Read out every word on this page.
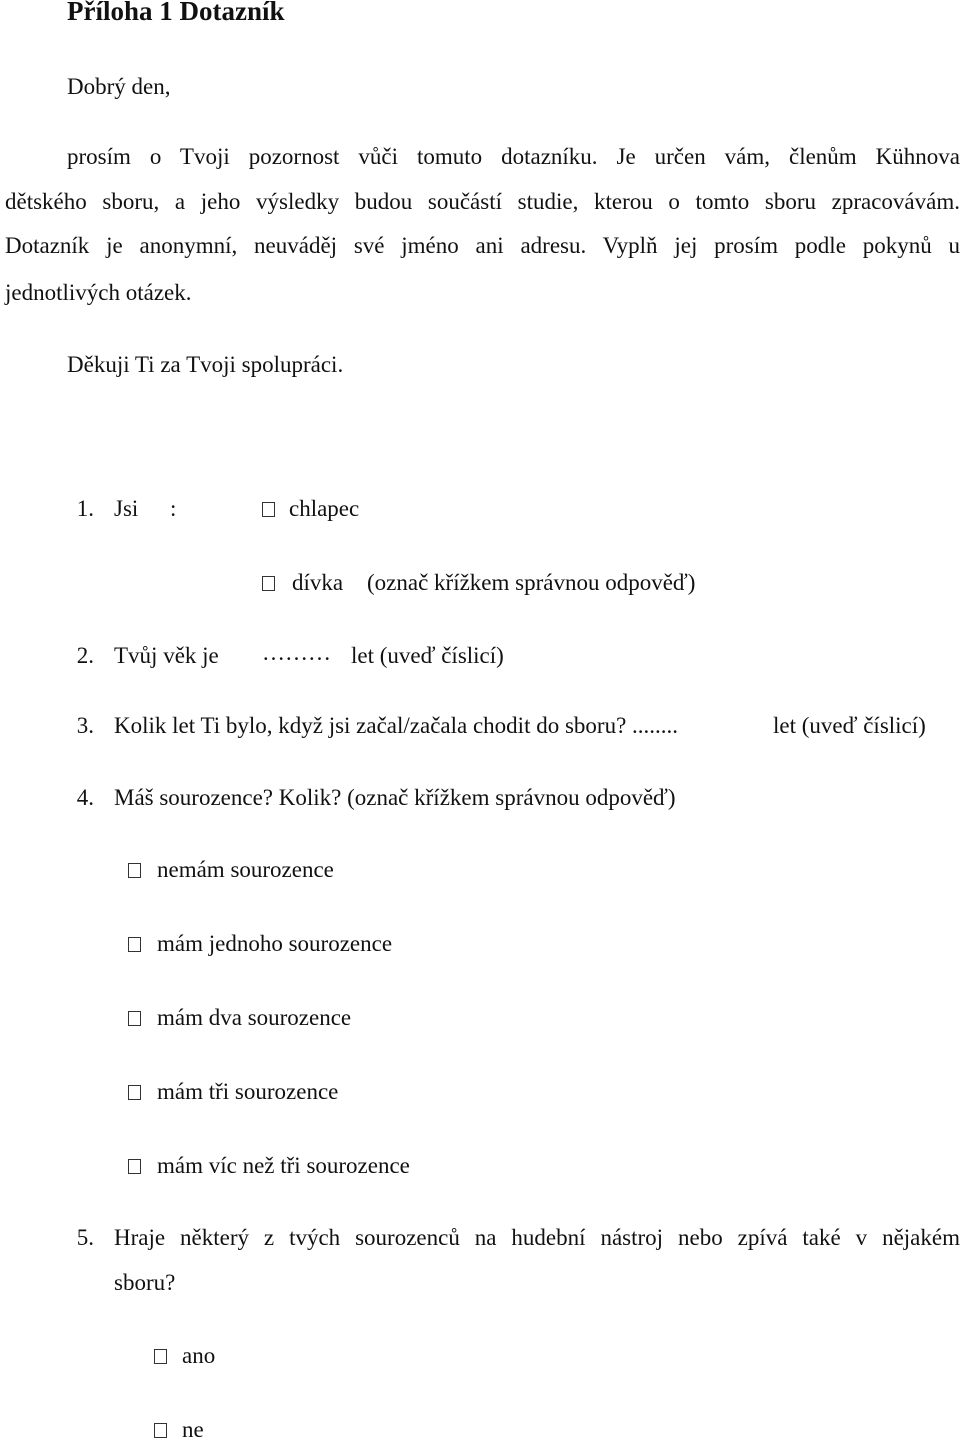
Příloha 1 Dotazník
Dobrý den,
prosím o Tvoji pozornost vůči tomuto dotazníku. Je určen vám, členům Kühnova
dětského sboru, a jeho výsledky budou součástí studie, kterou o tomto sboru zpracovávám.
Dotazník je anonymní, neuváděj své jméno ani adresu. Vyplň jej prosím podle pokynů u
jednotlivých otázek.
Děkuji Ti za Tvoji spolupráci.
1. Jsi :	chlapec
dívka (označ křížkem správnou odpověď)
2. Tvůj věk je ……… let (uveď číslicí)
3. Kolik let Ti bylo, když jsi začal/začala chodit do sboru? ........	let (uveď číslicí)
4. Máš sourozence? Kolik? (označ křížkem správnou odpověď)
nemám sourozence
mám jednoho sourozence
mám dva sourozence
mám tři sourozence
mám víc než tři sourozence
5. Hraje některý z tvých sourozenců na hudební nástroj nebo zpívá také v nějakém
sboru?
ano
ne
